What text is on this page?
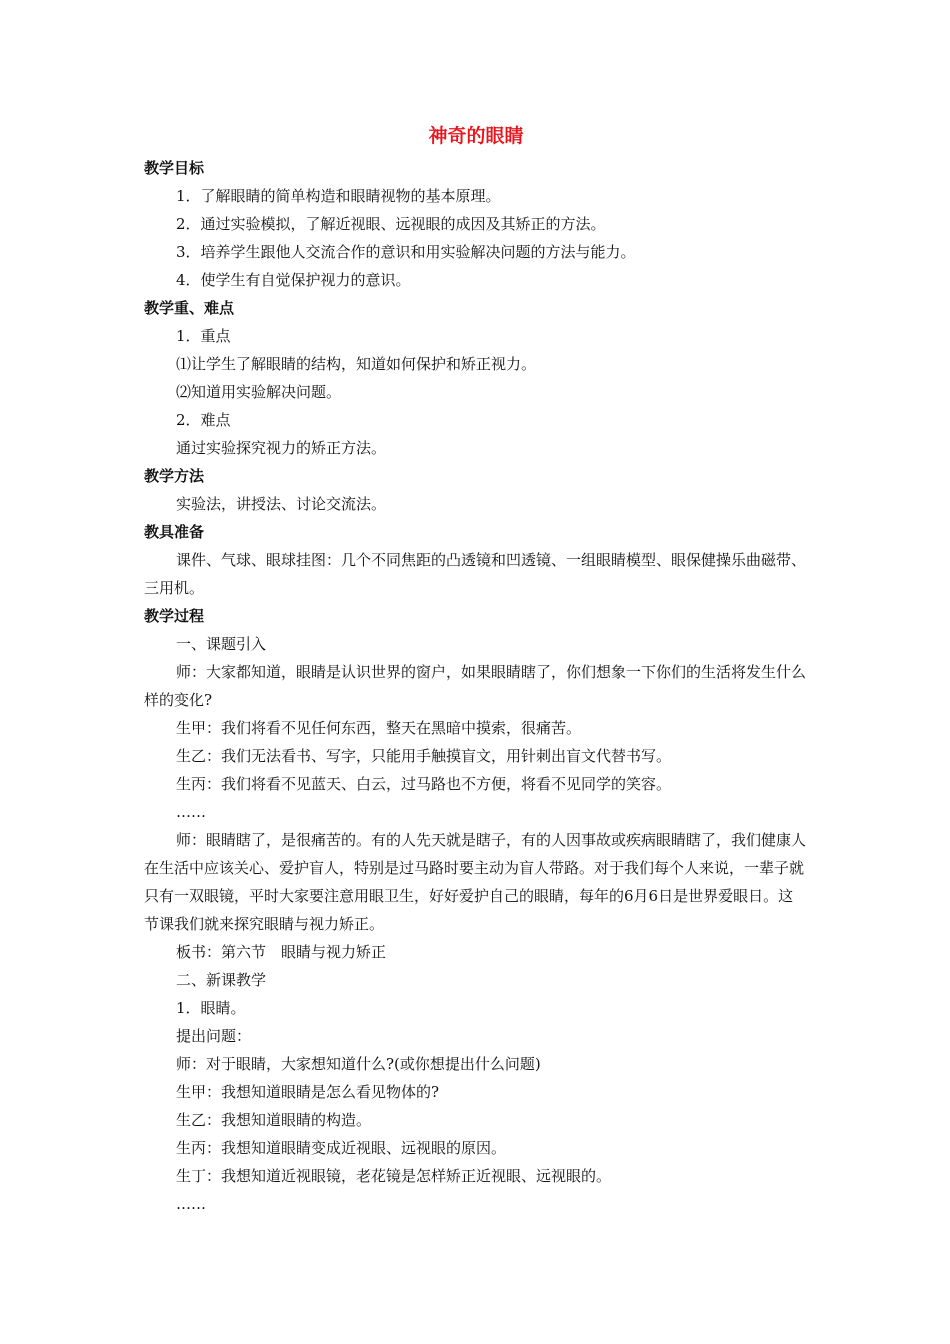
神奇的眼睛
教学目标
1．了解眼睛的简单构造和眼睛视物的基本原理。
2．通过实验模拟，了解近视眼、远视眼的成因及其矫正的方法。
3．培养学生跟他人交流合作的意识和用实验解决问题的方法与能力。
4．使学生有自觉保护视力的意识。
教学重、难点
1．重点
⑴让学生了解眼睛的结构，知道如何保护和矫正视力。
⑵知道用实验解决问题。
2．难点
通过实验探究视力的矫正方法。
教学方法
实验法，讲授法、讨论交流法。
教具准备

课件、气球、眼球挂图：几个不同焦距的凸透镜和凹透镜、一组眼睛模型、眼保健操乐曲磁带、三用机。

教学过程
一、课题引入

师：大家都知道，眼睛是认识世界的窗户，如果眼睛瞎了，你们想象一下你们的生活将发生什么样的变化?

生甲：我们将看不见任何东西，整天在黑暗中摸索，很痛苦。
生乙：我们无法看书、写字，只能用手触摸盲文，用针刺出盲文代替书写。
生丙：我们将看不见蓝天、白云，过马路也不方便，将看不见同学的笑容。
……

师：眼睛瞎了，是很痛苦的。有的人先天就是瞎子，有的人因事故或疾病眼睛瞎了，我们健康人在生活中应该关心、爱护盲人，特别是过马路时要主动为盲人带路。对于我们每个人来说，一辈子就只有一双眼镜，平时大家要注意用眼卫生，好好爱护自己的眼睛，每年的6月6日是世界爱眼日。这节课我们就来探究眼睛与视力矫正。

板书：第六节　眼睛与视力矫正
二、新课教学
1．眼睛。
提出问题：
师：对于眼睛，大家想知道什么?(或你想提出什么问题)
生甲：我想知道眼睛是怎么看见物体的?
生乙：我想知道眼睛的构造。
生丙：我想知道眼睛变成近视眼、远视眼的原因。
生丁：我想知道近视眼镜，老花镜是怎样矫正近视眼、远视眼的。
……
